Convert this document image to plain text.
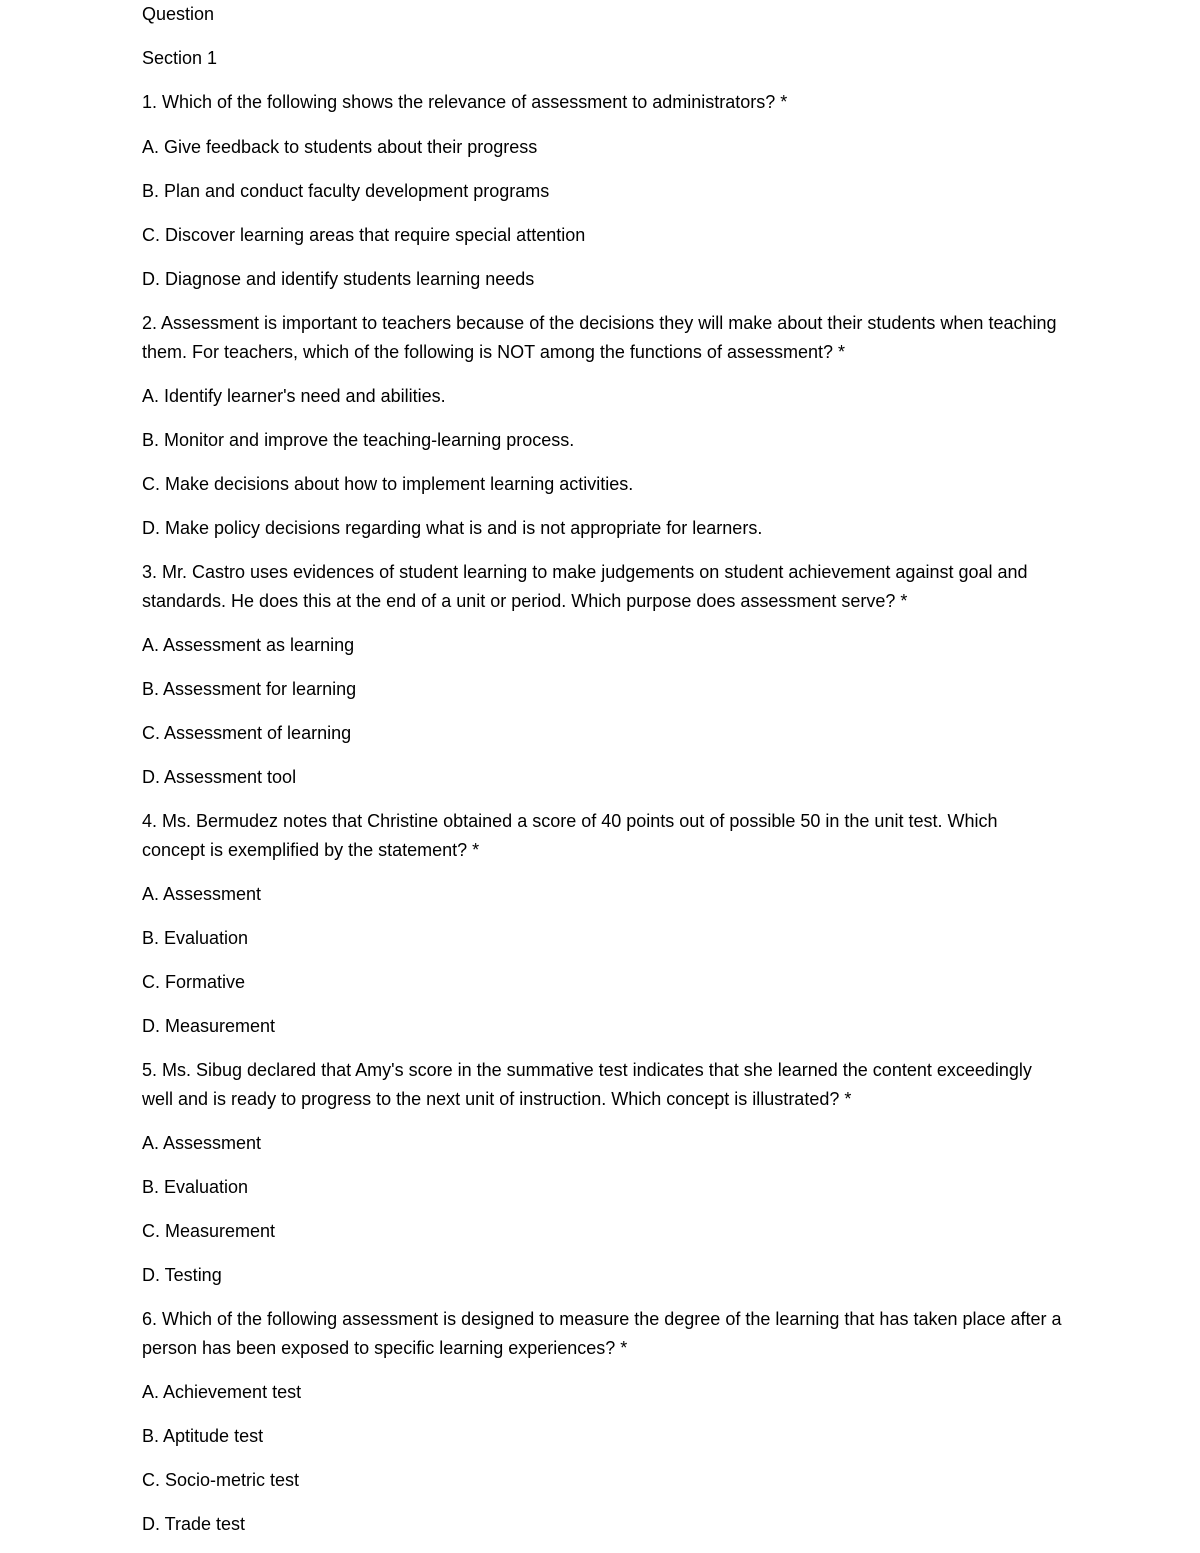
Question
Section 1
1. Which of the following shows the relevance of assessment to administrators? *
A. Give feedback to students about their progress
B. Plan and conduct faculty development programs
C. Discover learning areas that require special attention
D. Diagnose and identify students learning needs
2. Assessment is important to teachers because of the decisions they will make about their students when teaching them. For teachers, which of the following is NOT among the functions of assessment? *
A. Identify learner's need and abilities.
B. Monitor and improve the teaching-learning process.
C. Make decisions about how to implement learning activities.
D. Make policy decisions regarding what is and is not appropriate for learners.
3. Mr. Castro uses evidences of student learning to make judgements on student achievement against goal and standards. He does this at the end of a unit or period. Which purpose does assessment serve? *
A. Assessment as learning
B. Assessment for learning
C. Assessment of learning
D. Assessment tool
4. Ms. Bermudez notes that Christine obtained a score of 40 points out of possible 50 in the unit test. Which concept is exemplified by the statement? *
A. Assessment
B. Evaluation
C. Formative
D. Measurement
5. Ms. Sibug declared that Amy's score in the summative test indicates that she learned the content exceedingly well and is ready to progress to the next unit of instruction. Which concept is illustrated? *
A. Assessment
B. Evaluation
C. Measurement
D. Testing
6. Which of the following assessment is designed to measure the degree of the learning that has taken place after a person has been exposed to specific learning experiences? *
A. Achievement test
B. Aptitude test
C. Socio-metric test
D. Trade test
